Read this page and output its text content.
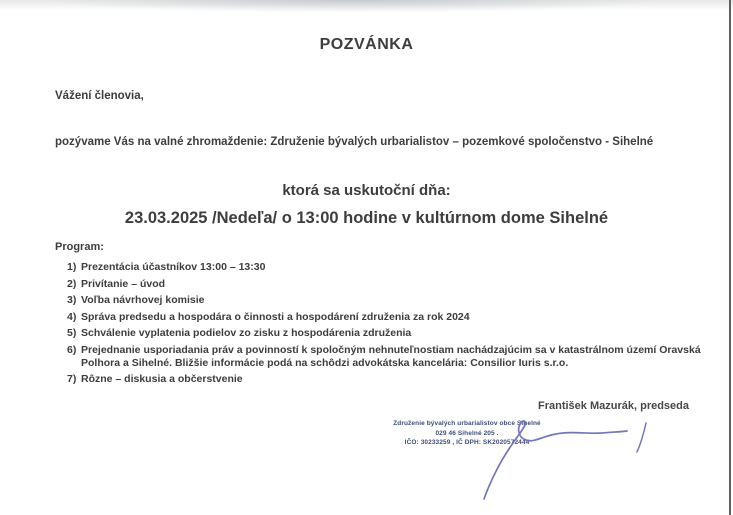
POZVÁNKA
Vážení členovia,
pozývame Vás na valné zhromaždenie: Združenie bývalých urbarialistov – pozemkové spoločenstvo - Sihelné
ktorá sa uskutoční dňa:
23.03.2025 /Nedeľa/ o 13:00 hodine v kultúrnom dome Sihelné
Program:
1) Prezentácia účastníkov 13:00 – 13:30
2) Privítanie – úvod
3) Voľba návrhovej komisie
4) Správa predsedu a hospodára o činnosti a hospodárení združenia za rok 2024
5) Schválenie vyplatenia podielov zo zisku z hospodárenia združenia
6) Prejednanie usporiadania práv a povinností k spoločným nehnuteľnostiam nachádzajúcim sa v katastrálnom území Oravská Polhora a Sihelné. Bližšie informácie podá na schôdzi advokátska kancelária: Consilior Iuris s.r.o.
7) Rôzne – diskusia a občerstvenie
František Mazurák, predseda
Združenie bývalých urbarialistov obce Sihelné
029 46 Sihelné 205 .
IČO: 30233259 , IČ DPH: SK2020572444
